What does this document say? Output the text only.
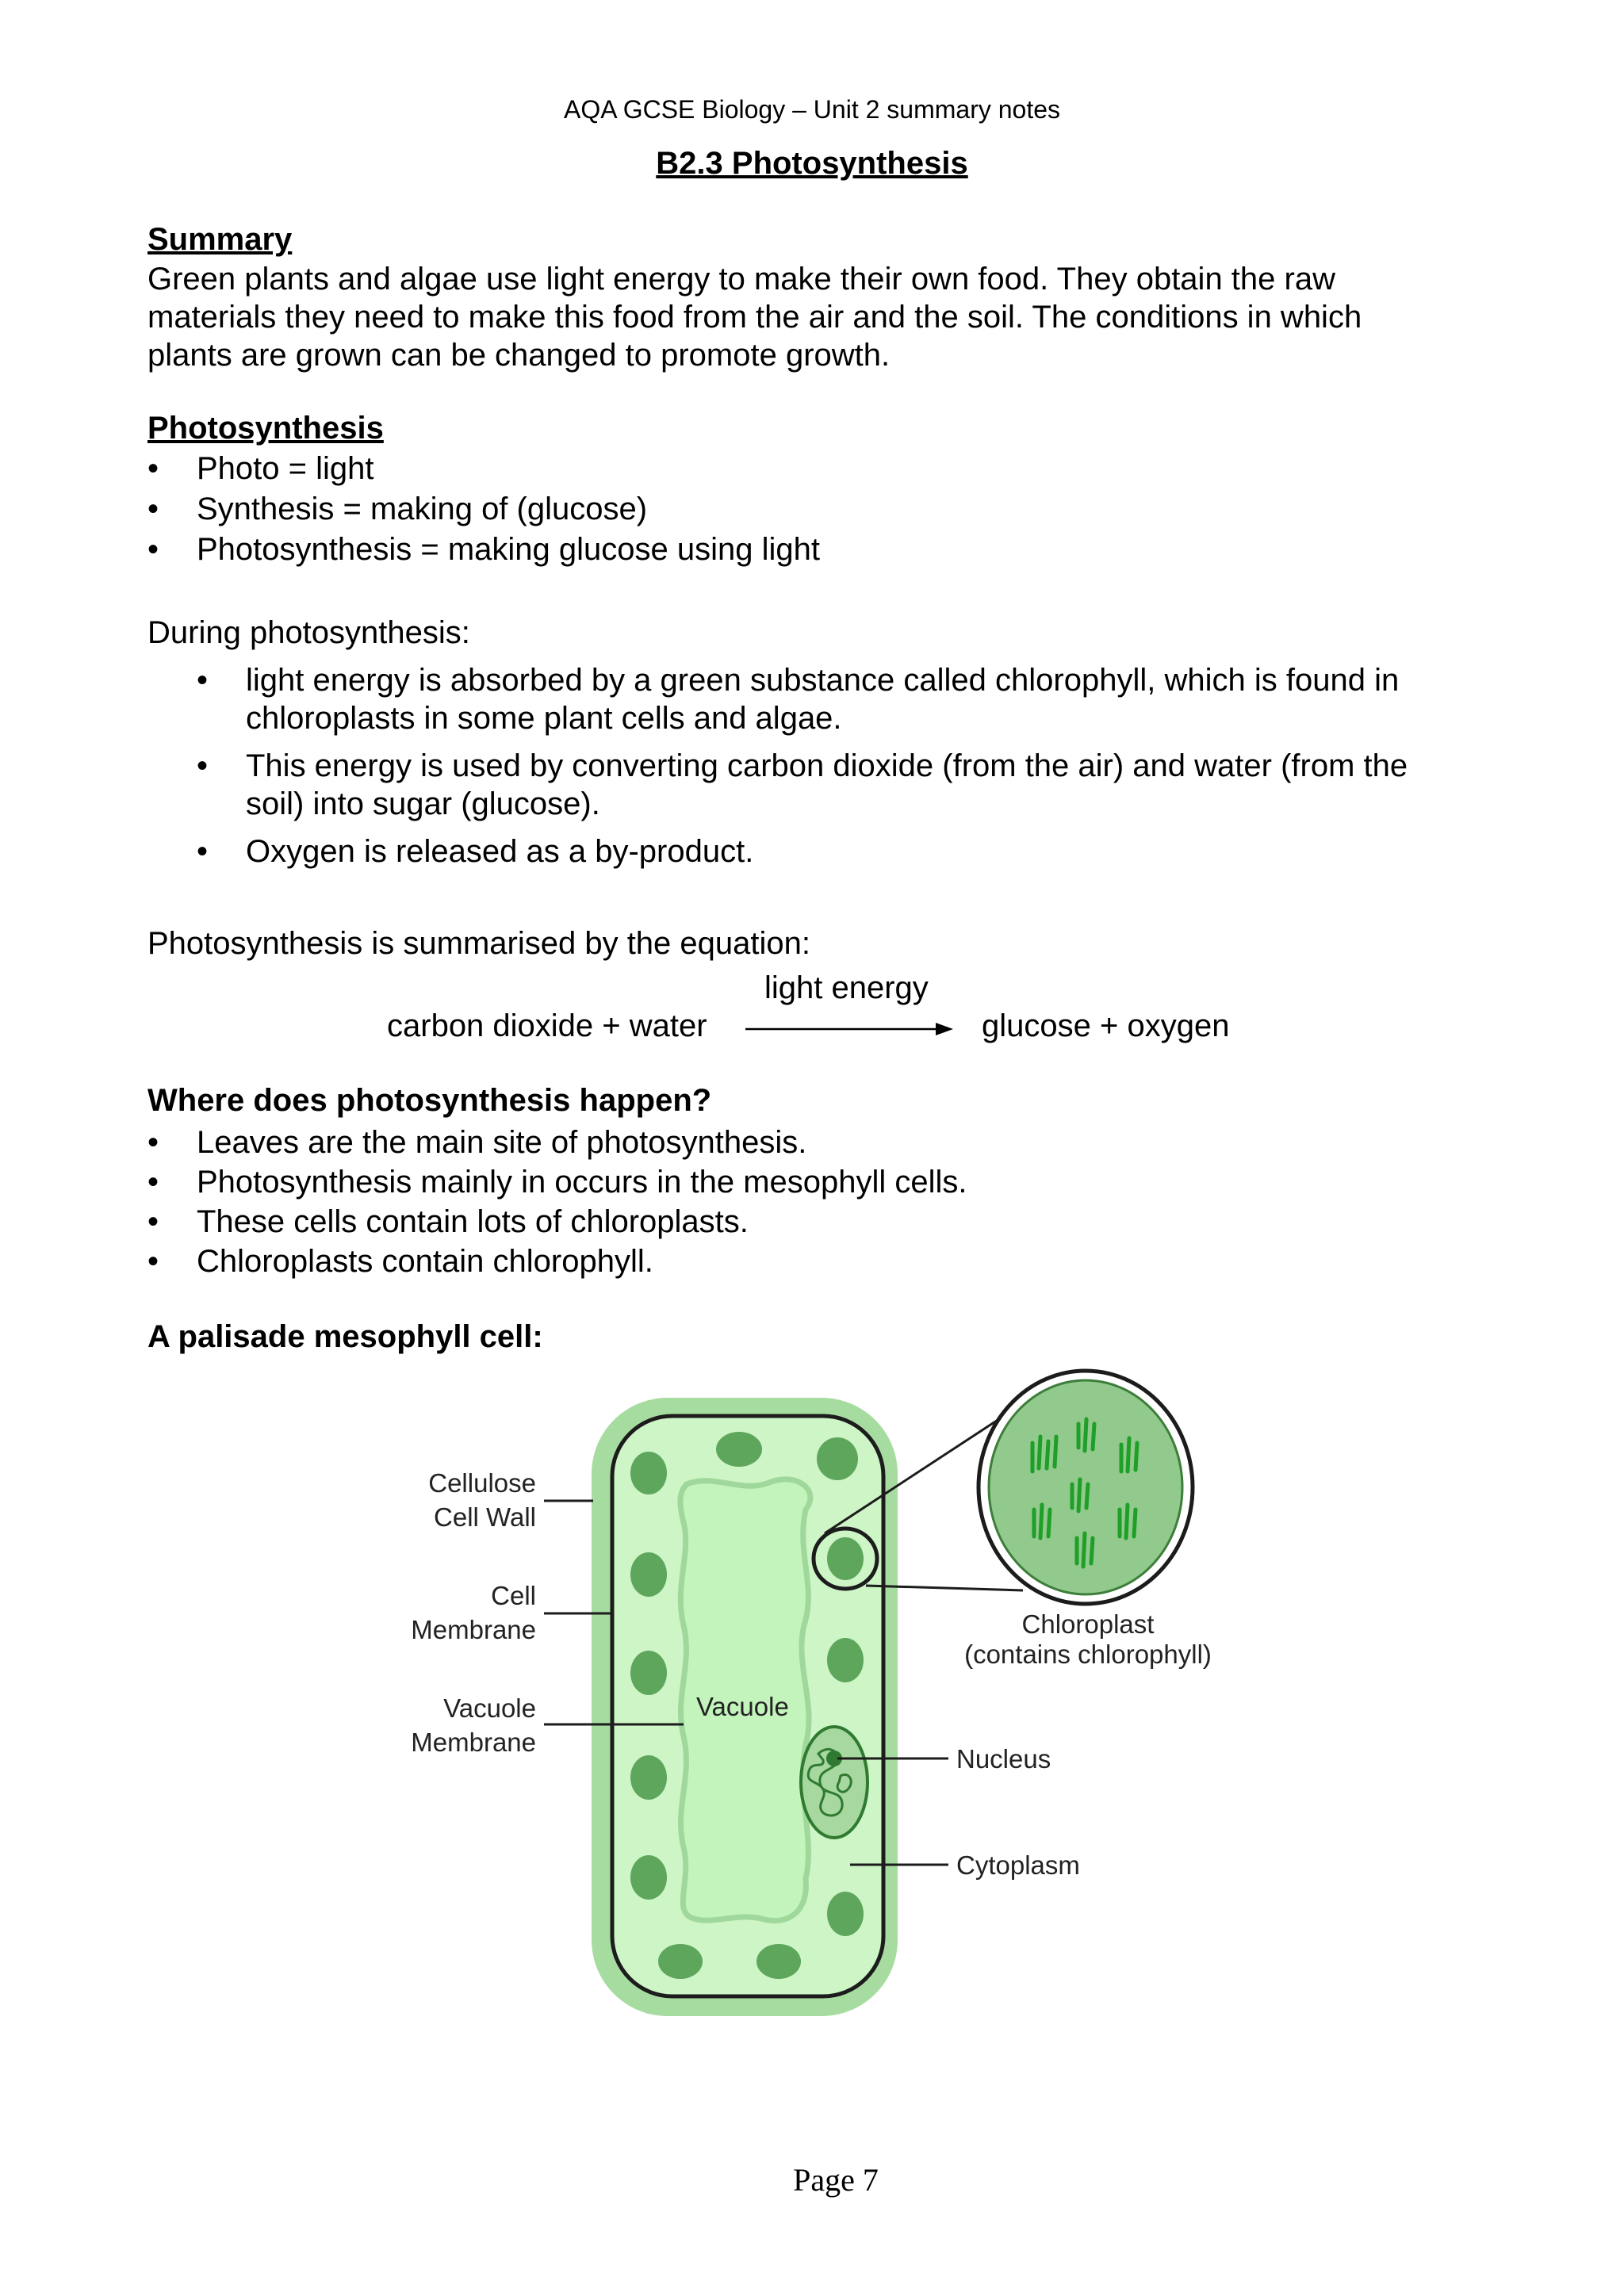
AQA GCSE Biology – Unit 2 summary notes
B2.3 Photosynthesis
Summary
Green plants and algae use light energy to make their own food. They obtain the raw
materials they need to make this food from the air and the soil. The conditions in which
plants are grown can be changed to promote growth.
Photosynthesis
• Photo = light
• Synthesis = making of (glucose)
• Photosynthesis = making glucose using light
During photosynthesis:
• light energy is absorbed by a green substance called chlorophyll, which is found in
chloroplasts in some plant cells and algae.
• This energy is used by converting carbon dioxide (from the air) and water (from the
soil) into sugar (glucose).
• Oxygen is released as a by-product.
Photosynthesis is summarised by the equation:
light energy
carbon dioxide + water	glucose + oxygen
Where does photosynthesis happen?
• Leaves are the main site of photosynthesis.
• Photosynthesis mainly in occurs in the mesophyll cells.
• These cells contain lots of chloroplasts.
• Chloroplasts contain chlorophyll.
A palisade mesophyll cell:
Cellulose
Cell Wall
Cell
Membrane
Vacuole
Membrane
Vacuole
Chloroplast
(contains chlorophyll)
Nucleus
Cytoplasm
Page 7
